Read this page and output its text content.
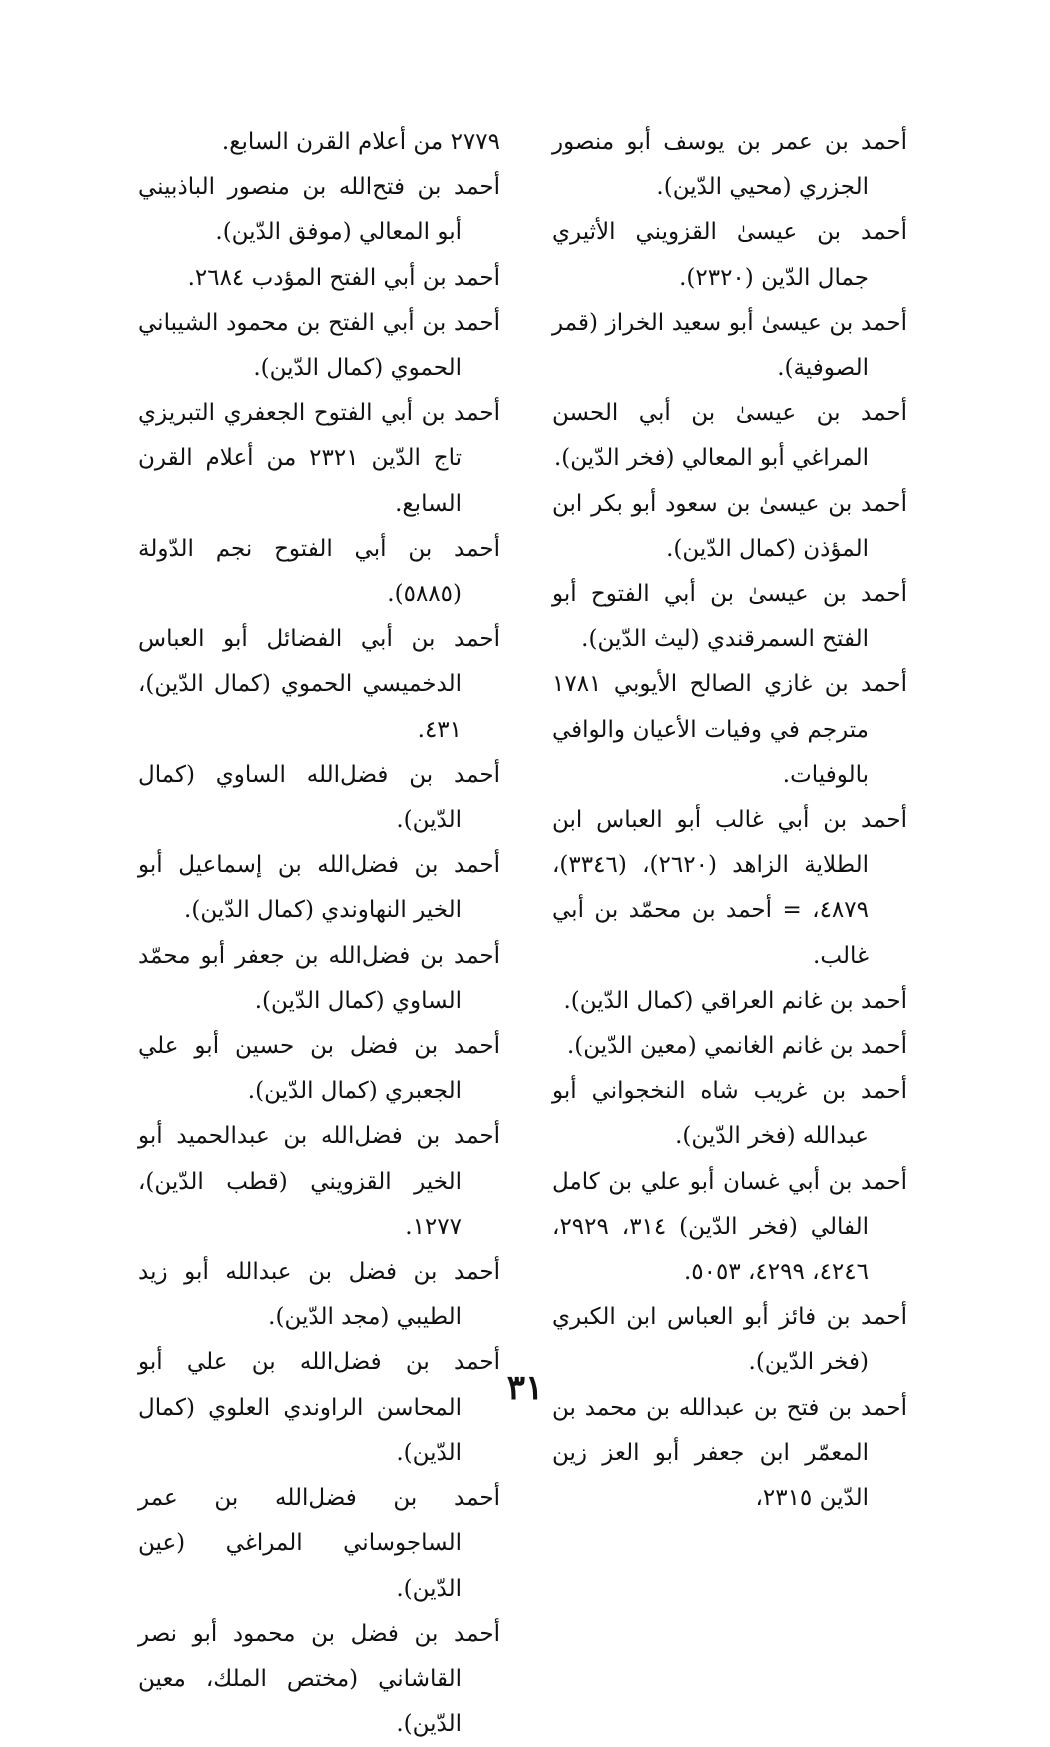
أحمد بن عمر بن يوسف أبو منصور الجزري (محيي الدّين).

أحمد بن عيسىٰ القزويني الأثيري جمال الدّين (٢٣٢٠).

أحمد بن عيسىٰ أبو سعيد الخراز (قمر الصوفية).

أحمد بن عيسىٰ بن أبي الحسن المراغي أبو المعالي (فخر الدّين).

أحمد بن عيسىٰ بن سعود أبو بكر ابن المؤذن (كمال الدّين).

أحمد بن عيسىٰ بن أبي الفتوح أبو الفتح السمرقندي (ليث الدّين).

أحمد بن غازي الصالح الأيوبي ١٧٨١ مترجم في وفيات الأعيان والوافي بالوفيات.

أحمد بن أبي غالب أبو العباس ابن الطلاية الزاهد (٢٦٢٠)، (٣٣٤٦)، ٤٨٧٩، = أحمد بن محمّد بن أبي غالب.

أحمد بن غانم العراقي (كمال الدّين).

أحمد بن غانم الغانمي (معين الدّين).

أحمد بن غريب شاه النخجواني أبو عبدالله (فخر الدّين).

أحمد بن أبي غسان أبو علي بن كامل الفالي (فخر الدّين) ٣١٤، ٢٩٢٩، ٤٢٤٦، ٤٢٩٩، ٥٠٥٣.

أحمد بن فائز أبو العباس ابن الكبري (فخر الدّين).

أحمد بن فتح بن عبدالله بن محمد بن المعمّر ابن جعفر أبو العز زين الدّين ٢٣١٥،

٢٧٧٩ من أعلام القرن السابع.

أحمد بن فتح‌الله بن منصور الباذبيني أبو المعالي (موفق الدّين).

أحمد بن أبي الفتح المؤدب ٢٦٨٤.

أحمد بن أبي الفتح بن محمود الشيباني الحموي (كمال الدّين).

أحمد بن أبي الفتوح الجعفري التبريزي تاج الدّين ٢٣٢١ من أعلام القرن السابع.

أحمد بن أبي الفتوح نجم الدّولة (٥٨٨٥).

أحمد بن أبي الفضائل أبو العباس الدخميسي الحموي (كمال الدّين)، ٤٣١.

أحمد بن فضل‌الله الساوي (كمال الدّين).

أحمد بن فضل‌الله بن إسماعيل أبو الخير النهاوندي (كمال الدّين).

أحمد بن فضل‌الله بن جعفر أبو محمّد الساوي (كمال الدّين).

أحمد بن فضل بن حسين أبو علي الجعبري (كمال الدّين).

أحمد بن فضل‌الله بن عبدالحميد أبو الخير القزويني (قطب الدّين)، ١٢٧٧.

أحمد بن فضل بن عبدالله أبو زيد الطيبي (مجد الدّين).

أحمد بن فضل‌الله بن علي أبو المحاسن الراوندي العلوي (كمال الدّين).

أحمد بن فضل‌الله بن عمر الساجوساني المراغي (عين الدّين).

أحمد بن فضل بن محمود أبو نصر القاشاني (مختص الملك، معين الدّين).

٣١
